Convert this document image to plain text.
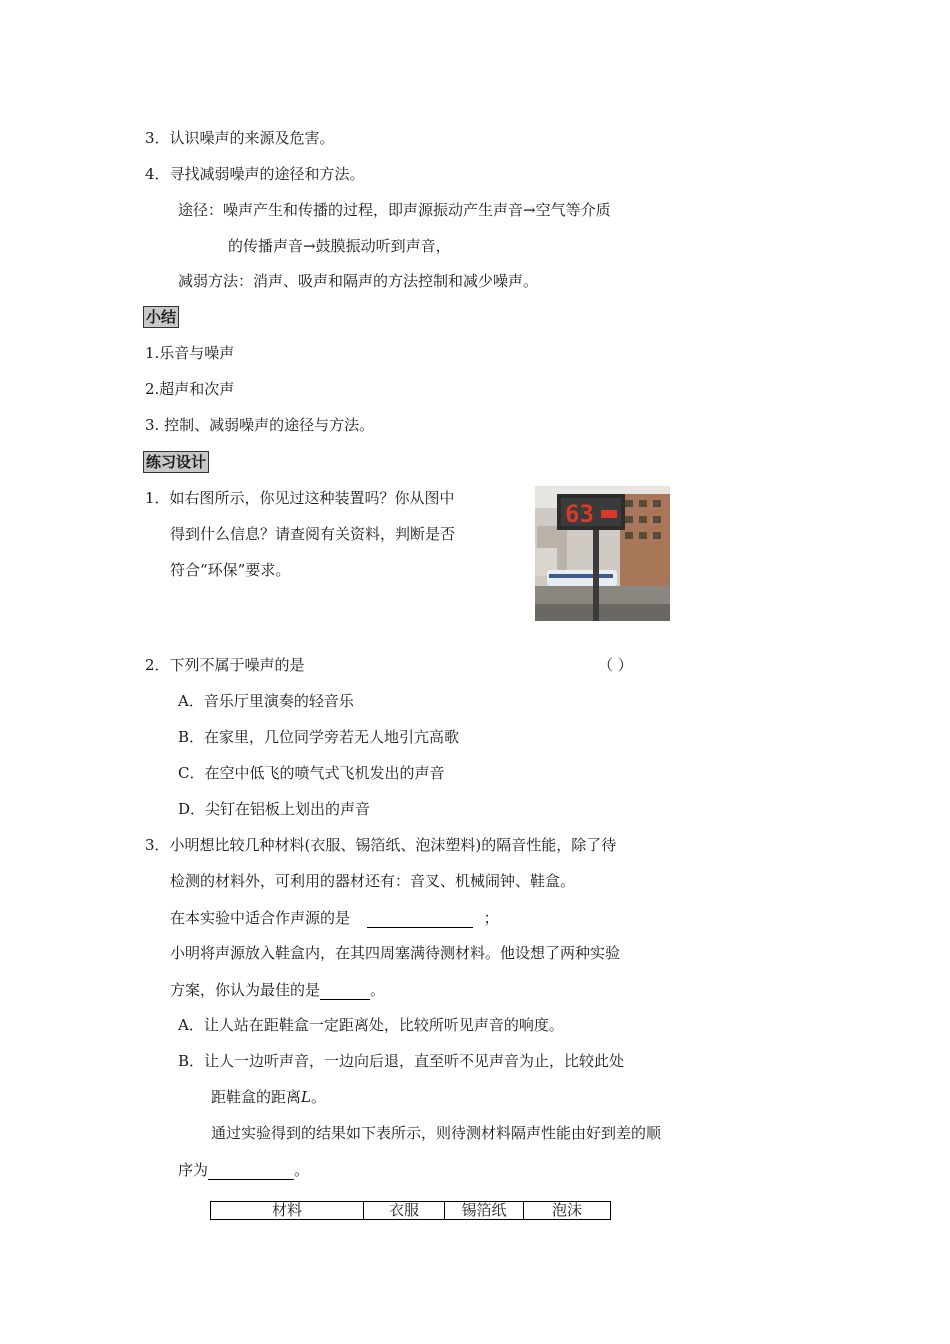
3．认识噪声的来源及危害。
4．寻找减弱噪声的途径和方法。
途径：噪声产生和传播的过程，即声源振动产生声音→空气等介质
的传播声音→鼓膜振动听到声音，
减弱方法：消声、吸声和隔声的方法控制和减少噪声。
小结
1.乐音与噪声
2.超声和次声
3. 控制、减弱噪声的途径与方法。
练习设计
1．如右图所示，你见过这种装置吗？你从图中
得到什么信息？请查阅有关资料，判断是否
符合“环保”要求。
63
2．下列不属于噪声的是	（ ）
A．音乐厅里演奏的轻音乐
B．在家里，几位同学旁若无人地引亢高歌
C．在空中低飞的喷气式飞机发出的声音
D．尖钉在铝板上划出的声音
3．小明想比较几种材料(衣服、锡箔纸、泡沫塑料)的隔音性能，除了待
检测的材料外，可利用的器材还有：音叉、机械闹钟、鞋盒。
在本实验中适合作声源的是	；
小明将声源放入鞋盒内，在其四周塞满待测材料。他设想了两种实验
方案，你认为最佳的是	。
A．让人站在距鞋盒一定距离处，比较所听见声音的响度。
B．让人一边听声音，一边向后退，直至听不见声音为止，比较此处
距鞋盒的距离L。
通过实验得到的结果如下表所示，则待测材料隔声性能由好到差的顺
序为	。
材料	衣服	锡箔纸	泡沫
